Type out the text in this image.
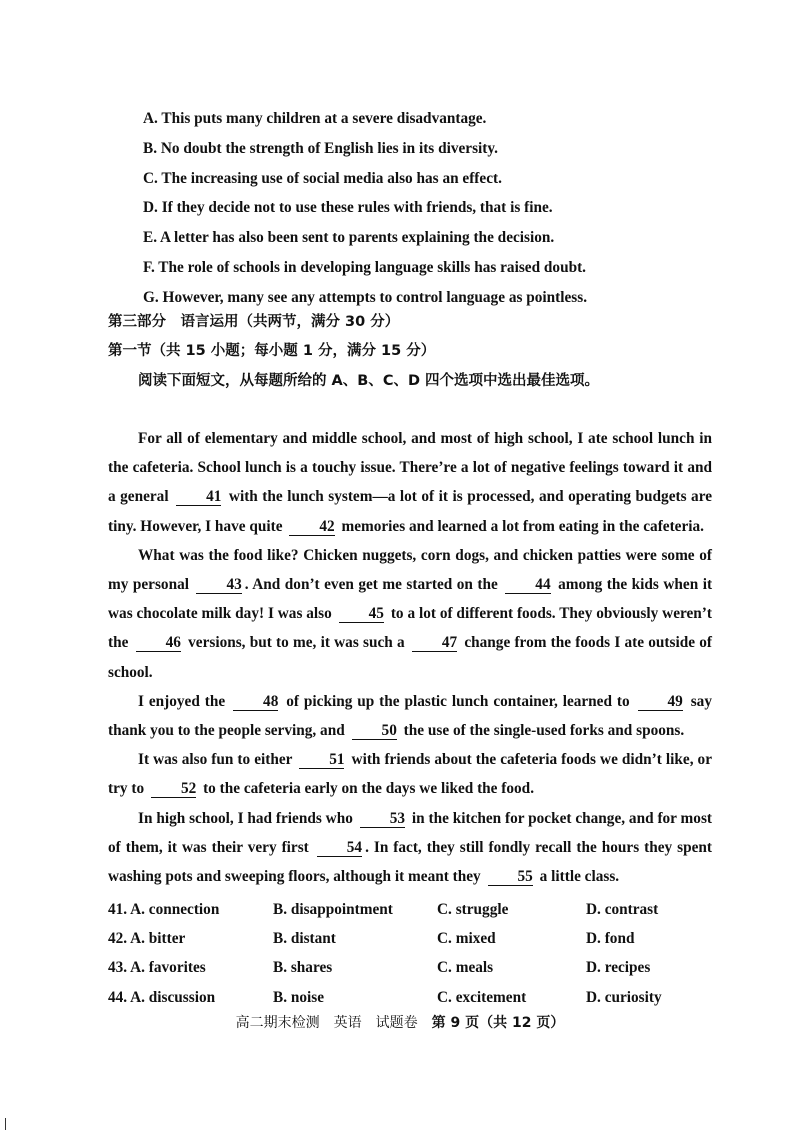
A. This puts many children at a severe disadvantage.
B. No doubt the strength of English lies in its diversity.
C. The increasing use of social media also has an effect.
D. If they decide not to use these rules with friends, that is fine.
E. A letter has also been sent to parents explaining the decision.
F. The role of schools in developing language skills has raised doubt.
G. However, many see any attempts to control language as pointless.
第三部分　语言运用（共两节，满分 30 分）
第一节（共 15 小题；每小题 1 分，满分 15 分）
阅读下面短文，从每题所给的 A、B、C、D 四个选项中选出最佳选项。

For all of elementary and middle school, and most of high school, I ate school lunch in the cafeteria. School lunch is a touchy issue. There’re a lot of negative feelings toward it and a general 41 with the lunch system—a lot of it is processed, and operating budgets are tiny. However, I have quite 42 memories and learned a lot from eating in the cafeteria.

What was the food like? Chicken nuggets, corn dogs, and chicken patties were some of my personal 43 . And don’t even get me started on the 44 among the kids when it was chocolate milk day! I was also 45 to a lot of different foods. They obviously weren’t the 46 versions, but to me, it was such a 47 change from the foods I ate outside of school.

I enjoyed the 48 of picking up the plastic lunch container, learned to 49 say thank you to the people serving, and 50 the use of the single-used forks and spoons.

It was also fun to either 51 with friends about the cafeteria foods we didn’t like, or try to 52 to the cafeteria early on the days we liked the food.

In high school, I had friends who 53 in the kitchen for pocket change, and for most of them, it was their very first 54 . In fact, they still fondly recall the hours they spent washing pots and sweeping floors, although it meant they 55 a little class.

41. A. connection	B. disappointment	C. struggle	D. contrast
42. A. bitter	B. distant	C. mixed	D. fond
43. A. favorites	B. shares	C. meals	D. recipes
44. A. discussion	B. noise	C. excitement	D. curiosity
高二期末检测　英语　试题卷　第 9 页（共 12 页）
